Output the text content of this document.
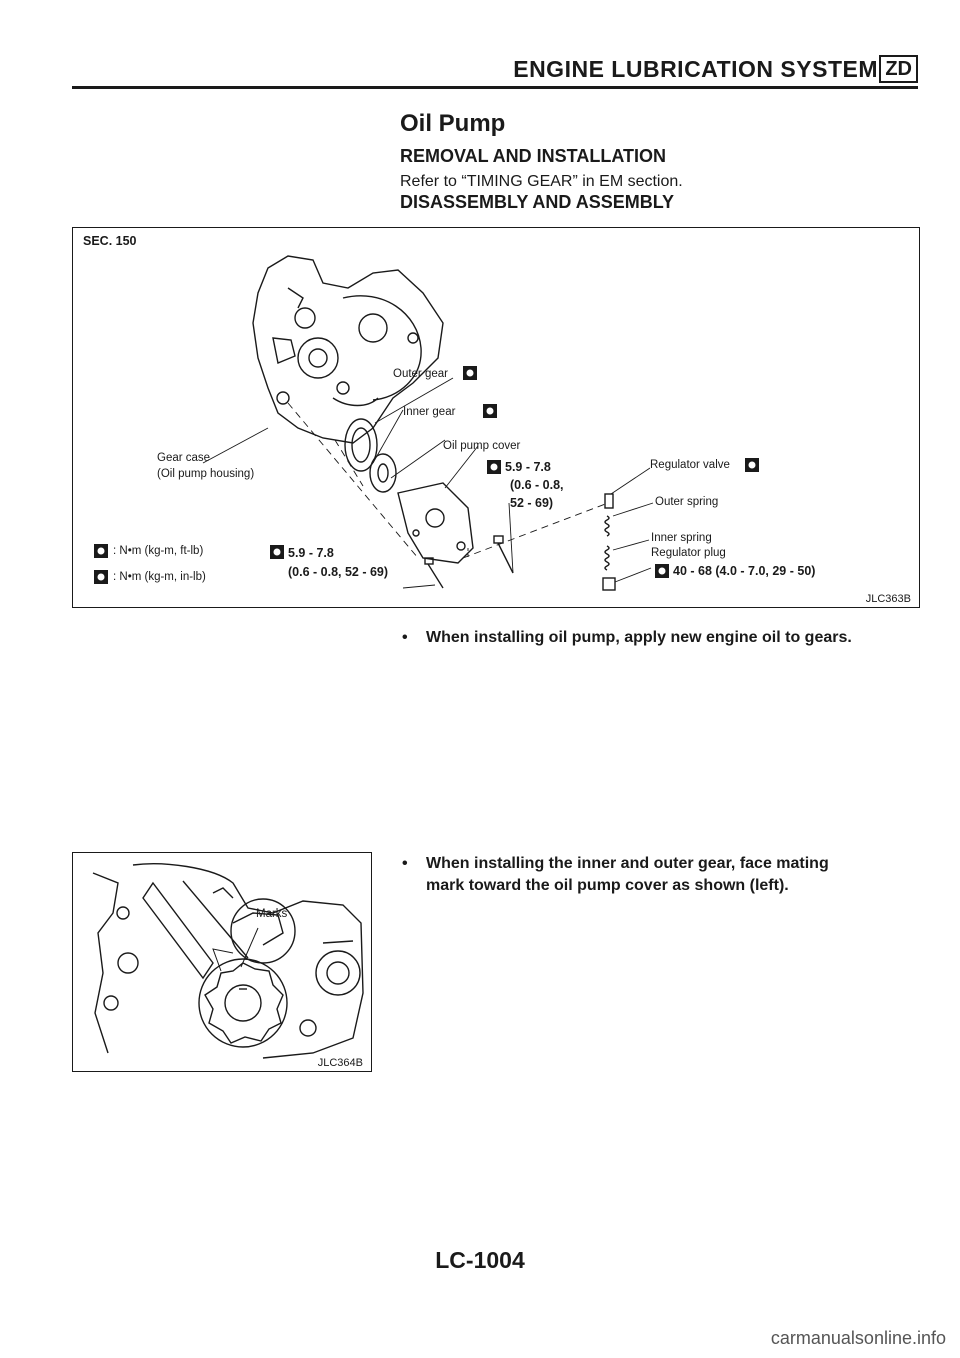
ENGINE LUBRICATION SYSTEM ZD
Oil Pump
REMOVAL AND INSTALLATION
Refer to “TIMING GEAR” in EM section.
DISASSEMBLY AND ASSEMBLY
SEC. 150
Outer gear
Inner gear
Oil pump cover
Gear case
(Oil pump housing)	5.9 - 7.8
(0.6 - 0.8,
52 - 69)
Regulator valve
Outer spring
Inner spring
Regulator plug
40 - 68 (4.0 - 7.0, 29 - 50)
5.9 - 7.8
(0.6 - 0.8, 52 - 69)
: N•m (kg-m, ft-lb)
: N•m (kg-m, in-lb)
JLC363B
•	When installing oil pump, apply new engine oil to gears.
Marks
JLC364B
•	When installing the inner and outer gear, face mating
mark toward the oil pump cover as shown (left).
LC-1004
carmanualsonline.info
